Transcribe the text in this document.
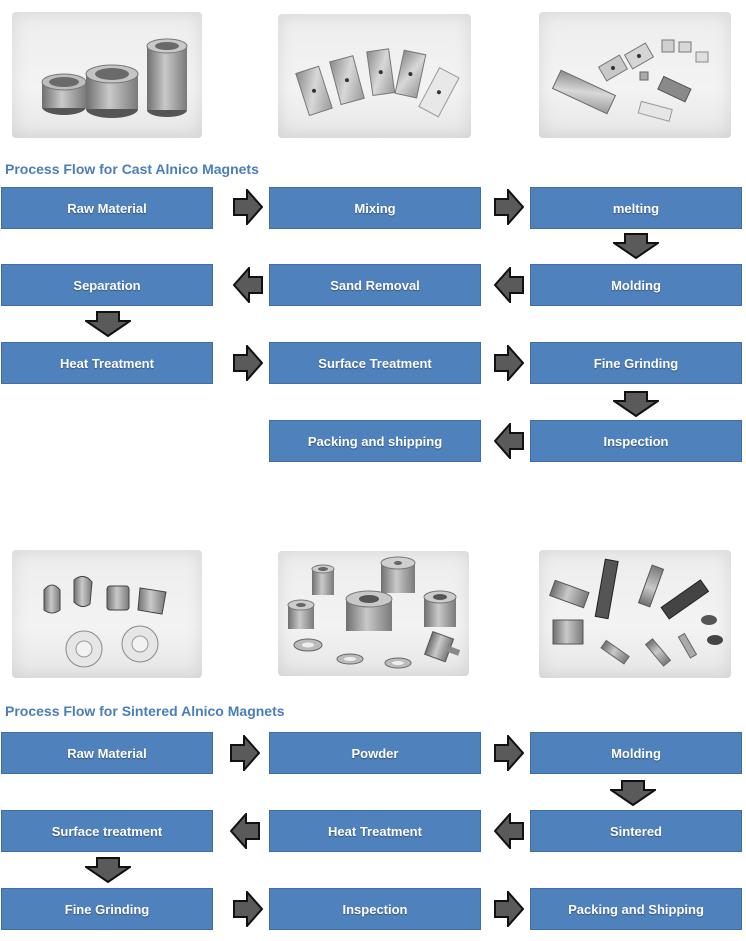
Process Flow for Cast Alnico Magnets
Raw Material	Mixing	melting
Separation	Sand Removal	Molding
Heat Treatment	Surface Treatment	Fine Grinding
Packing and shipping	Inspection
Process Flow for Sintered Alnico Magnets
Raw Material	Powder	Molding
Surface treatment	Heat Treatment	Sintered
Fine Grinding	Inspection	Packing and Shipping
